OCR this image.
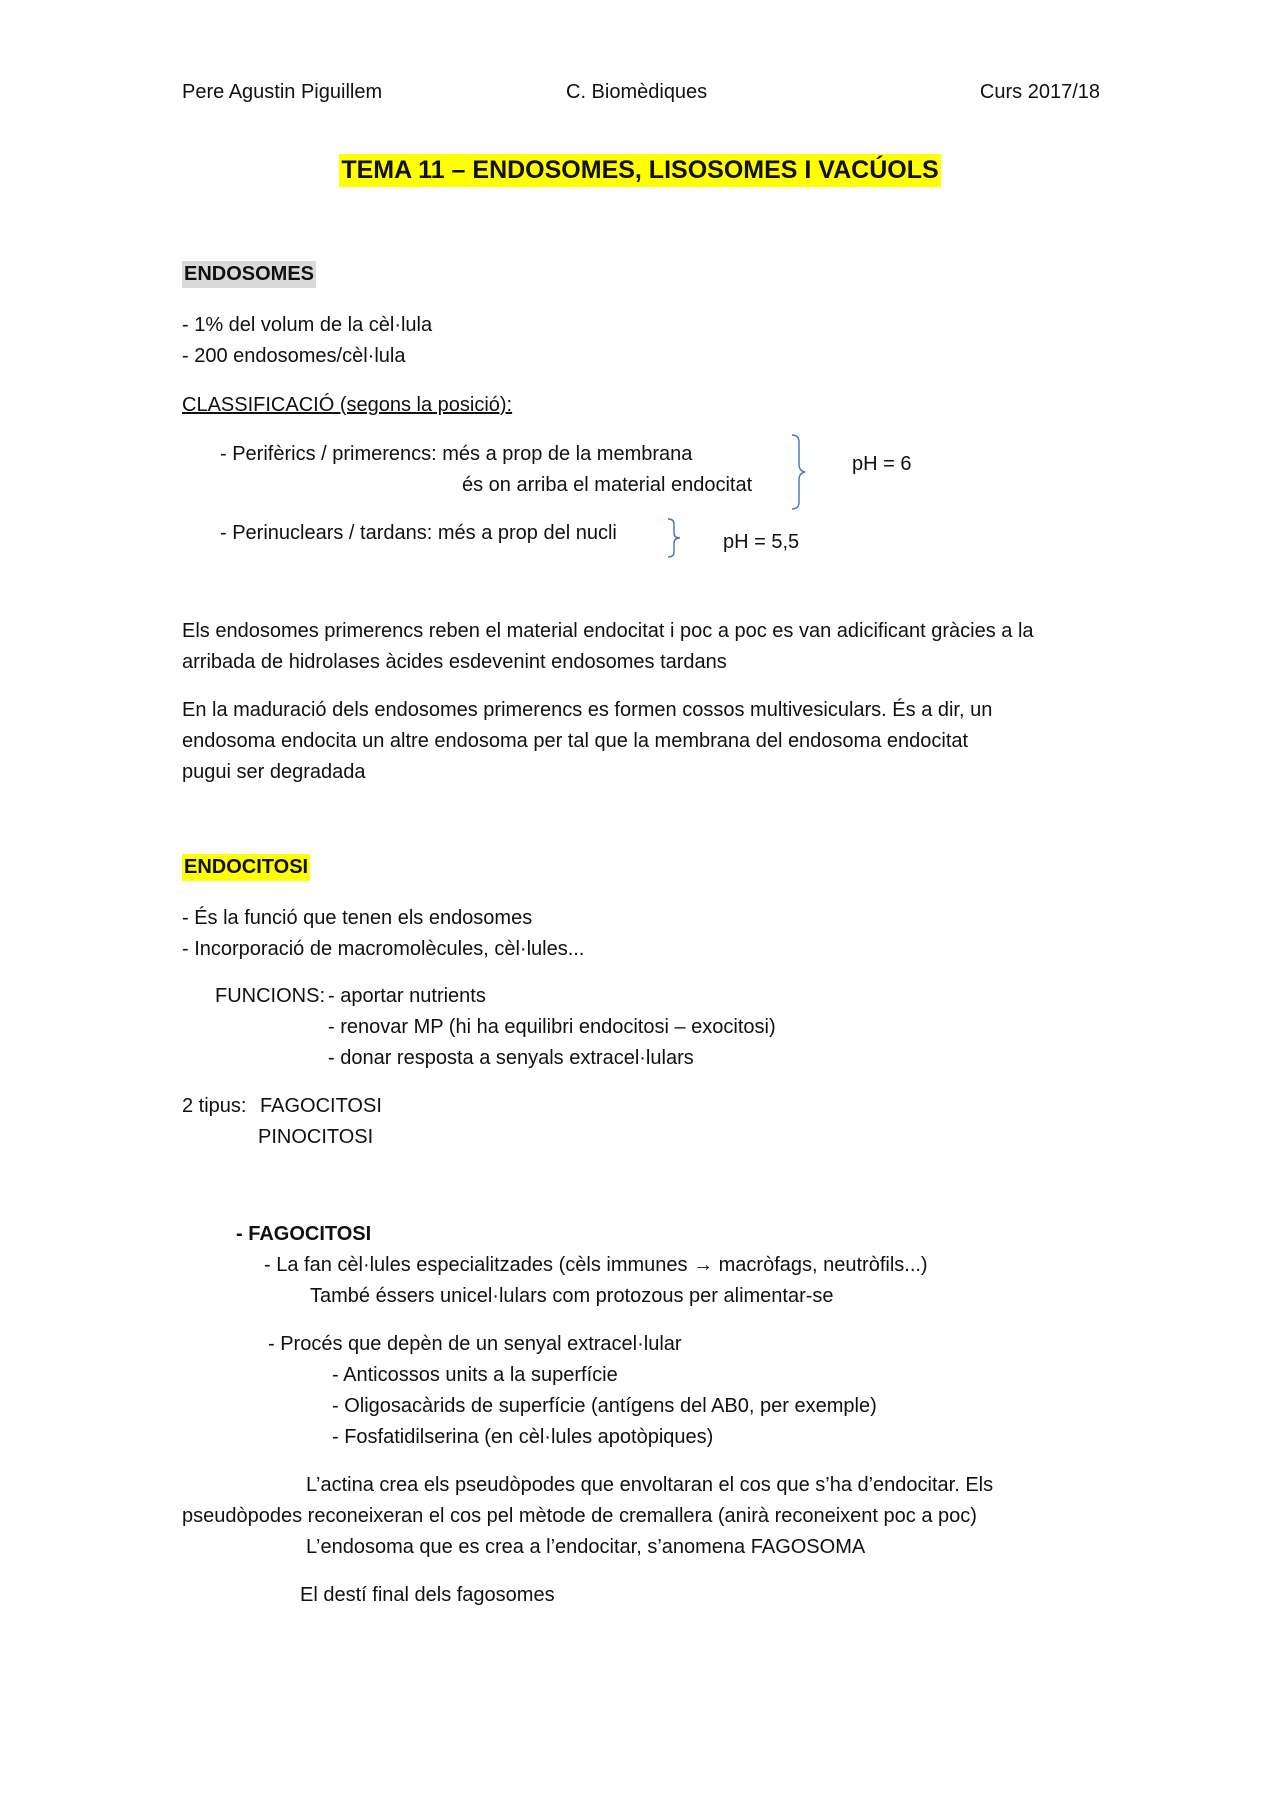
Pere Agustin Piguillem	C. Biomèdiques	Curs 2017/18
TEMA 11 – ENDOSOMES, LISOSOMES I VACÚOLS
ENDOSOMES
- 1% del volum de la cèl·lula
- 200 endosomes/cèl·lula
CLASSIFICACIÓ (segons la posició):
- Perifèrics / primerencs: més a prop de la membrana
és on arriba el material endocitat
pH = 6
- Perinuclears / tardans: més a prop del nucli	pH = 5,5
Els endosomes primerencs reben el material endocitat i poc a poc es van adicificant gràcies a la
arribada de hidrolases àcides esdevenint endosomes tardans
En la maduració dels endosomes primerencs es formen cossos multivesiculars. És a dir, un
endosoma endocita un altre endosoma per tal que la membrana del endosoma endocitat
pugui ser degradada
ENDOCITOSI
- És la funció que tenen els endosomes
- Incorporació de macromolècules, cèl·lules...
FUNCIONS: - aportar nutrients
- renovar MP (hi ha equilibri endocitosi – exocitosi)
- donar resposta a senyals extracel·lulars
2 tipus: FAGOCITOSI
PINOCITOSI
- FAGOCITOSI
- La fan cèl·lules especialitzades (cèls immunes → macròfags, neutròfils...)
També éssers unicel·lulars com protozous per alimentar-se
- Procés que depèn de un senyal extracel·lular
- Anticossos units a la superfície
- Oligosacàrids de superfície (antígens del AB0, per exemple)
- Fosfatidilserina (en cèl·lules apotòpiques)
L’actina crea els pseudòpodes que envoltaran el cos que s’ha d’endocitar. Els
pseudòpodes reconeixeran el cos pel mètode de cremallera (anirà reconeixent poc a poc)
L’endosoma que es crea a l’endocitar, s’anomena FAGOSOMA
El destí final dels fagosomes
